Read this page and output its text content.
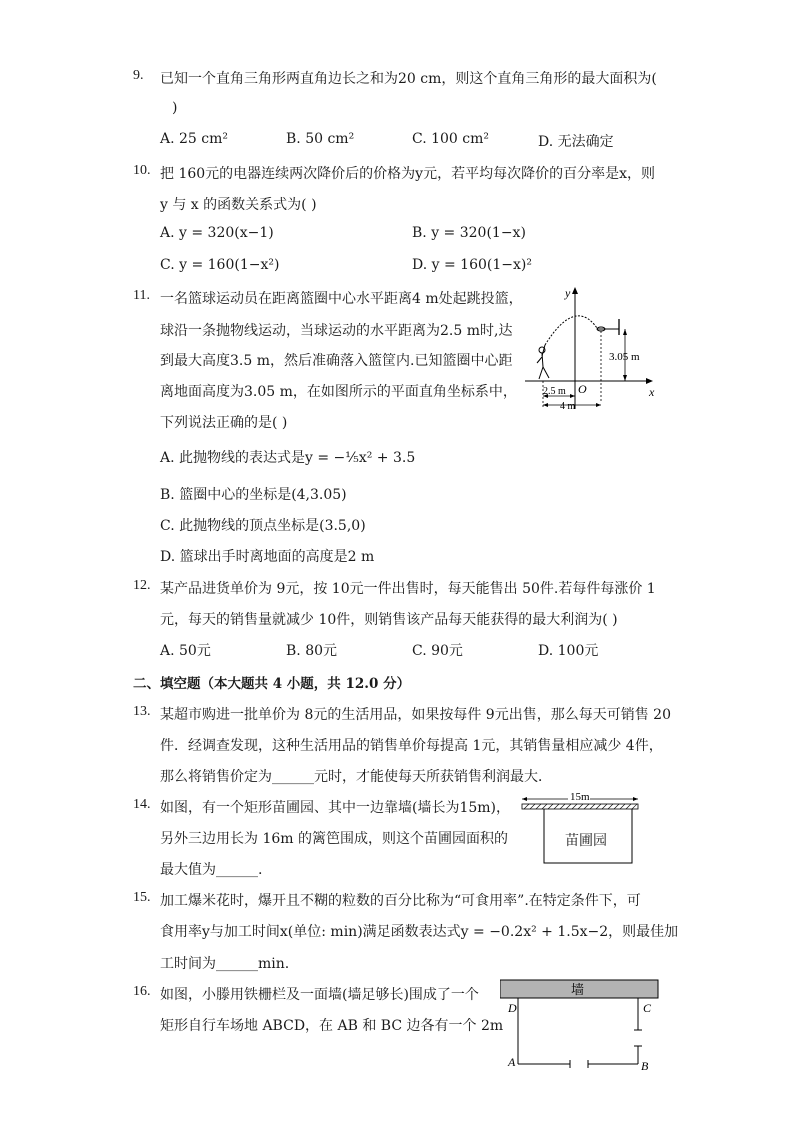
9. 已知一个直角三角形两直角边长之和为20 cm，则这个直角三角形的最大面积为(
)
A. 25 cm²	B. 50 cm²	C. 100 cm²	D. 无法确定
10. 把 160元的电器连续两次降价后的价格为y元，若平均每次降价的百分率是x，则
y 与 x 的函数关系式为( )
A. y = 320(x−1)	B. y = 320(1−x)
C. y = 160(1−x²)	D. y = 160(1−x)²
11. 一名篮球运动员在距离篮圈中心水平距离4 m处起跳投篮，
球沿一条抛物线运动，当球运动的水平距离为2.5 m时,达
到最大高度3.5 m，然后准确落入篮筐内.已知篮圈中心距
离地面高度为3.05 m，在如图所示的平面直角坐标系中，
下列说法正确的是( )
A. 此抛物线的表达式是y = −⅕x² + 3.5
B. 篮圈中心的坐标是(4,3.05)
C. 此抛物线的顶点坐标是(3.5,0)
D. 篮球出手时离地面的高度是2 m
y
x
O
3.05 m
2.5 m
4 m
12. 某产品进货单价为 9元，按 10元一件出售时，每天能售出 50件.若每件每涨价 1
元，每天的销售量就减少 10件，则销售该产品每天能获得的最大利润为( )
A. 50元	B. 80元	C. 90元	D. 100元
二、填空题（本大题共 4 小题，共 12.0 分）
13. 某超市购进一批单价为 8元的生活用品，如果按每件 9元出售，那么每天可销售 20
件．经调查发现，这种生活用品的销售单价每提高 1元，其销售量相应减少 4件，
那么将销售价定为______元时，才能使每天所获销售利润最大．
14. 如图，有一个矩形苗圃园、其中一边靠墙(墙长为15m)，
另外三边用长为 16m 的篱笆围成，则这个苗圃园面积的
最大值为______.
15m
苗圃园
15. 加工爆米花时，爆开且不糊的粒数的百分比称为“可食用率”.在特定条件下，可
食用率y与加工时间x(单位: min)满足函数表达式y = −0.2x² + 1.5x−2，则最佳加
工时间为______min.
16. 如图，小滕用铁栅栏及一面墙(墙足够长)围成了一个
矩形自行车场地 ABCD，在 AB 和 BC 边各有一个 2m
墙
D	C
A	B
